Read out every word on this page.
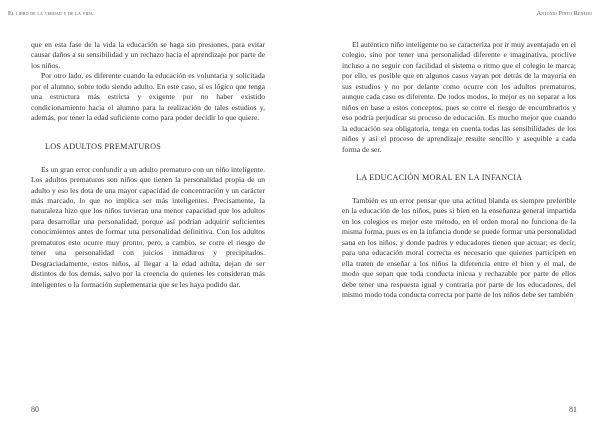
El libro de la verdad y de la vida

que en esta fase de la vida la educación se haga sin presiones, para evitar causar daños a su sensibilidad y un rechazo hacia el aprendizaje por parte de los niños.

Por otro lado, es diferente cuando la educación es voluntaria y solicitada por el alumno, sobre todo siendo adulto. En este caso, sí es lógico que tenga una estructura más estricta y exigente por no haber existido condicionamiento hacia el alumno para la realización de tales estudios y, además, por tener la edad suficiente como para poder decidir lo que quiere.

LOS ADULTOS PREMATUROS

Es un gran error confundir a un adulto prematuro con un niño inteligente. Los adultos prematuros son niños que tienen la personalidad propia de un adulto y eso les dota de una mayor capacidad de concentración y un carácter más marcado, lo que no implica ser más inteligentes. Precisamente, la naturaleza hizo que los niños tuvieran una menor capacidad que los adultos para desarrollar una personalidad, porque así podrían adquirir suficientes conocimientos antes de formar una personalidad definitiva. Con los adultos prematuros esto ocurre muy pronto, pero, a cambio, se corre el riesgo de tener una personalidad con juicios inmaduros y precipitados. Desgraciadamente, estos niños, al llegar a la edad adulta, dejan de ser distintos de los demás, salvo por la creencia de quienes les consideran más inteligentes o la formación suplementaria que se les haya podido dar.

80
Antonio Pinto Renedo

El auténtico niño inteligente no se caracteriza por ir muy aventajado en el colegio, sino por tener una personalidad diferente e imaginativa, proclive incluso a no seguir con facilidad el sistema o ritmo que el colegio le marca; por ello, es posible que en algunos casos vayan por detrás de la mayoría en sus estudios y no por delante como ocurre con los adultos prematuros, aunque cada caso es diferente. De todos modos, lo mejor es no separar a los niños en base a estos conceptos, pues se corre el riesgo de encumbrarlos y eso podría perjudicar su proceso de educación. Es mucho mejor que cuando la educación sea obligatoria, tenga en cuenta todas las sensibilidades de los niños y así el proceso de aprendizaje resulte sencillo y asequible a cada forma de ser.

LA EDUCACIÓN MORAL EN LA INFANCIA

También es un error pensar que una actitud blanda es siempre preferible en la educación de los niños, pues si bien en la enseñanza general impartida en los colegios es mejor este método, en el orden moral no funciona de la misma forma, pues es en la infancia donde se puede formar una personalidad sana en los niños, y donde padres y educadores tienen que actuar; es decir, para una educación moral correcta es necesario que quienes participen en ella traten de enseñar a los niños la diferencia entre el bien y el mal, de modo que sepan que toda conducta inicua y rechazable por parte de ellos debe tener una respuesta igual y contraria por parte de los educadores, del mismo modo toda conducta correcta por parte de los niños debe ser también

81
